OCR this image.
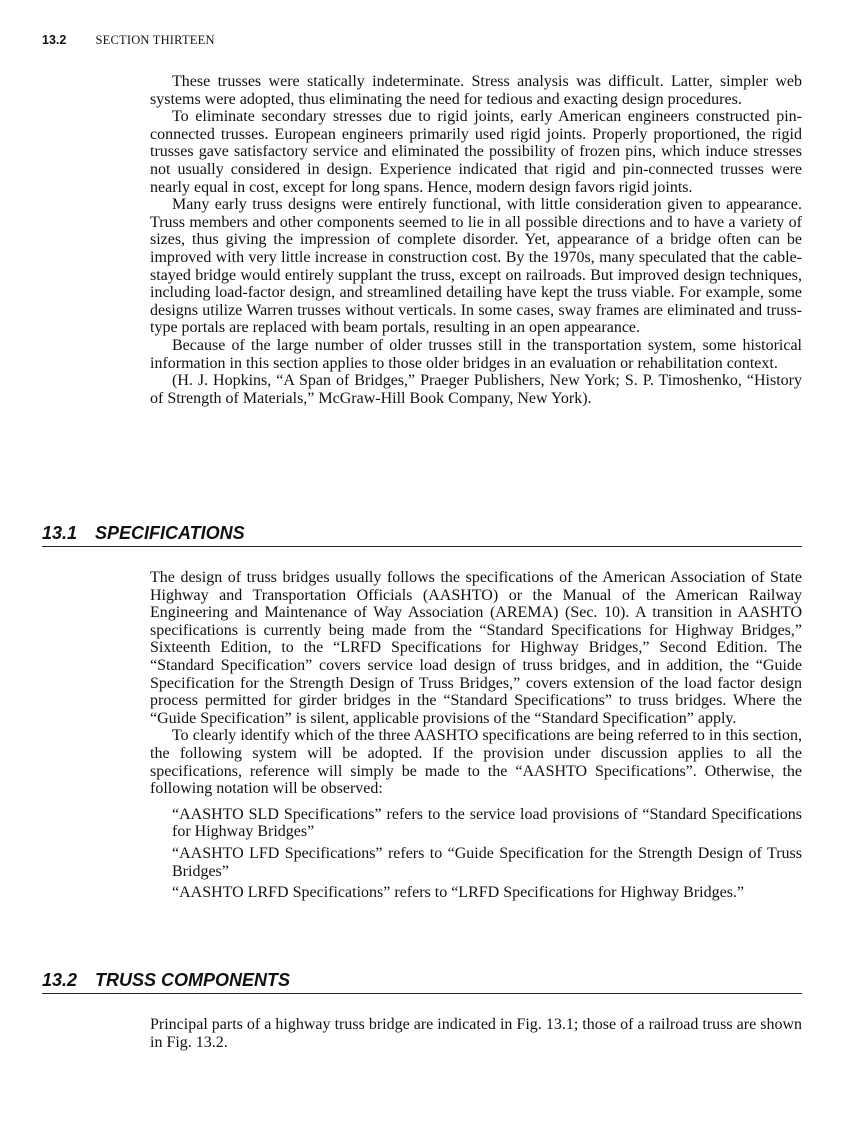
13.2 SECTION THIRTEEN

These trusses were statically indeterminate. Stress analysis was difficult. Latter, simpler web systems were adopted, thus eliminating the need for tedious and exacting design procedures.

To eliminate secondary stresses due to rigid joints, early American engineers constructed pin-connected trusses. European engineers primarily used rigid joints. Properly proportioned, the rigid trusses gave satisfactory service and eliminated the possibility of frozen pins, which induce stresses not usually considered in design. Experience indicated that rigid and pin-connected trusses were nearly equal in cost, except for long spans. Hence, modern design favors rigid joints.

Many early truss designs were entirely functional, with little consideration given to appearance. Truss members and other components seemed to lie in all possible directions and to have a variety of sizes, thus giving the impression of complete disorder. Yet, appearance of a bridge often can be improved with very little increase in construction cost. By the 1970s, many speculated that the cable-stayed bridge would entirely supplant the truss, except on railroads. But improved design techniques, including load-factor design, and streamlined detailing have kept the truss viable. For example, some designs utilize Warren trusses without verticals. In some cases, sway frames are eliminated and truss-type portals are replaced with beam portals, resulting in an open appearance.

Because of the large number of older trusses still in the transportation system, some historical information in this section applies to those older bridges in an evaluation or rehabilitation context.

(H. J. Hopkins, “A Span of Bridges,” Praeger Publishers, New York; S. P. Timoshenko, “History of Strength of Materials,” McGraw-Hill Book Company, New York).

13.1 SPECIFICATIONS

The design of truss bridges usually follows the specifications of the American Association of State Highway and Transportation Officials (AASHTO) or the Manual of the American Railway Engineering and Maintenance of Way Association (AREMA) (Sec. 10). A transition in AASHTO specifications is currently being made from the “Standard Specifications for Highway Bridges,” Sixteenth Edition, to the “LRFD Specifications for Highway Bridges,” Second Edition. The “Standard Specification” covers service load design of truss bridges, and in addition, the “Guide Specification for the Strength Design of Truss Bridges,” covers extension of the load factor design process permitted for girder bridges in the “Standard Specifications” to truss bridges. Where the “Guide Specification” is silent, applicable provisions of the “Standard Specification” apply.

To clearly identify which of the three AASHTO specifications are being referred to in this section, the following system will be adopted. If the provision under discussion applies to all the specifications, reference will simply be made to the “AASHTO Specifications”. Otherwise, the following notation will be observed:

“AASHTO SLD Specifications” refers to the service load provisions of “Standard Specifications for Highway Bridges”

“AASHTO LFD Specifications” refers to “Guide Specification for the Strength Design of Truss Bridges”

“AASHTO LRFD Specifications” refers to “LRFD Specifications for Highway Bridges.”

13.2 TRUSS COMPONENTS

Principal parts of a highway truss bridge are indicated in Fig. 13.1; those of a railroad truss are shown in Fig. 13.2.
